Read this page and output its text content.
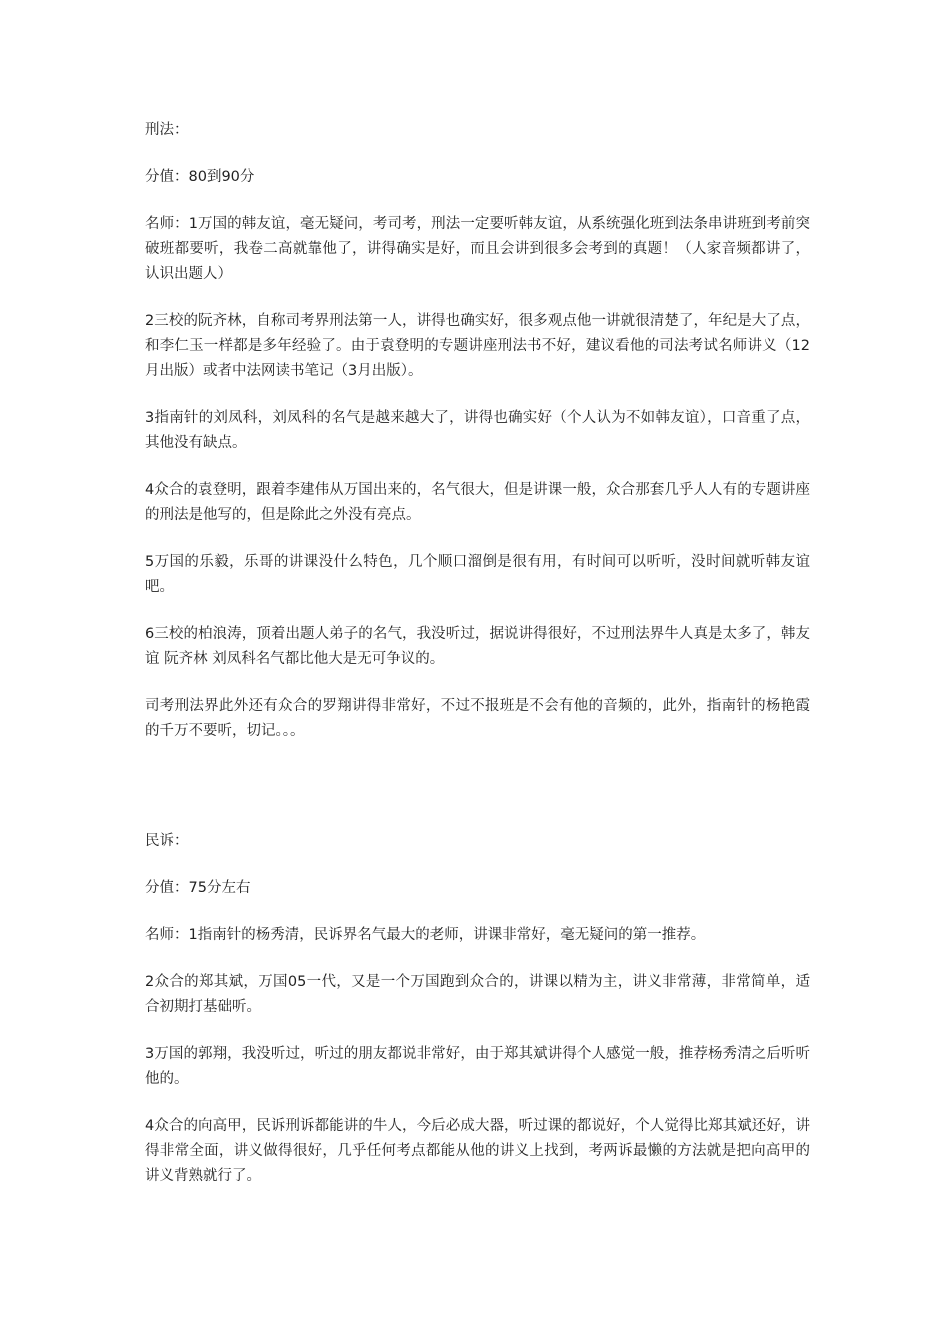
刑法：

分值：80到90分

名师：1万国的韩友谊，毫无疑问，考司考，刑法一定要听韩友谊，从系统强化班到法条串讲班到考前突破班都要听，我卷二高就靠他了，讲得确实是好，而且会讲到很多会考到的真题！（人家音频都讲了，认识出题人）

2三校的阮齐林，自称司考界刑法第一人，讲得也确实好，很多观点他一讲就很清楚了，年纪是大了点，和李仁玉一样都是多年经验了。由于袁登明的专题讲座刑法书不好，建议看他的司法考试名师讲义（12月出版）或者中法网读书笔记（3月出版）。

3指南针的刘凤科，刘凤科的名气是越来越大了，讲得也确实好（个人认为不如韩友谊），口音重了点，其他没有缺点。

4众合的袁登明，跟着李建伟从万国出来的，名气很大，但是讲课一般，众合那套几乎人人有的专题讲座的刑法是他写的，但是除此之外没有亮点。

5万国的乐毅，乐哥的讲课没什么特色，几个顺口溜倒是很有用，有时间可以听听，没时间就听韩友谊吧。

6三校的柏浪涛，顶着出题人弟子的名气，我没听过，据说讲得很好，不过刑法界牛人真是太多了，韩友谊 阮齐林 刘凤科名气都比他大是无可争议的。

司考刑法界此外还有众合的罗翔讲得非常好，不过不报班是不会有他的音频的，此外，指南针的杨艳霞的千万不要听，切记。。。

民诉：

分值：75分左右

名师：1指南针的杨秀清，民诉界名气最大的老师，讲课非常好，毫无疑问的第一推荐。

2众合的郑其斌，万国05一代，又是一个万国跑到众合的，讲课以精为主，讲义非常薄，非常简单，适合初期打基础听。

3万国的郭翔，我没听过，听过的朋友都说非常好，由于郑其斌讲得个人感觉一般，推荐杨秀清之后听听他的。

4众合的向高甲，民诉刑诉都能讲的牛人，今后必成大器，听过课的都说好，个人觉得比郑其斌还好，讲得非常全面，讲义做得很好，几乎任何考点都能从他的讲义上找到，考两诉最懒的方法就是把向高甲的讲义背熟就行了。
